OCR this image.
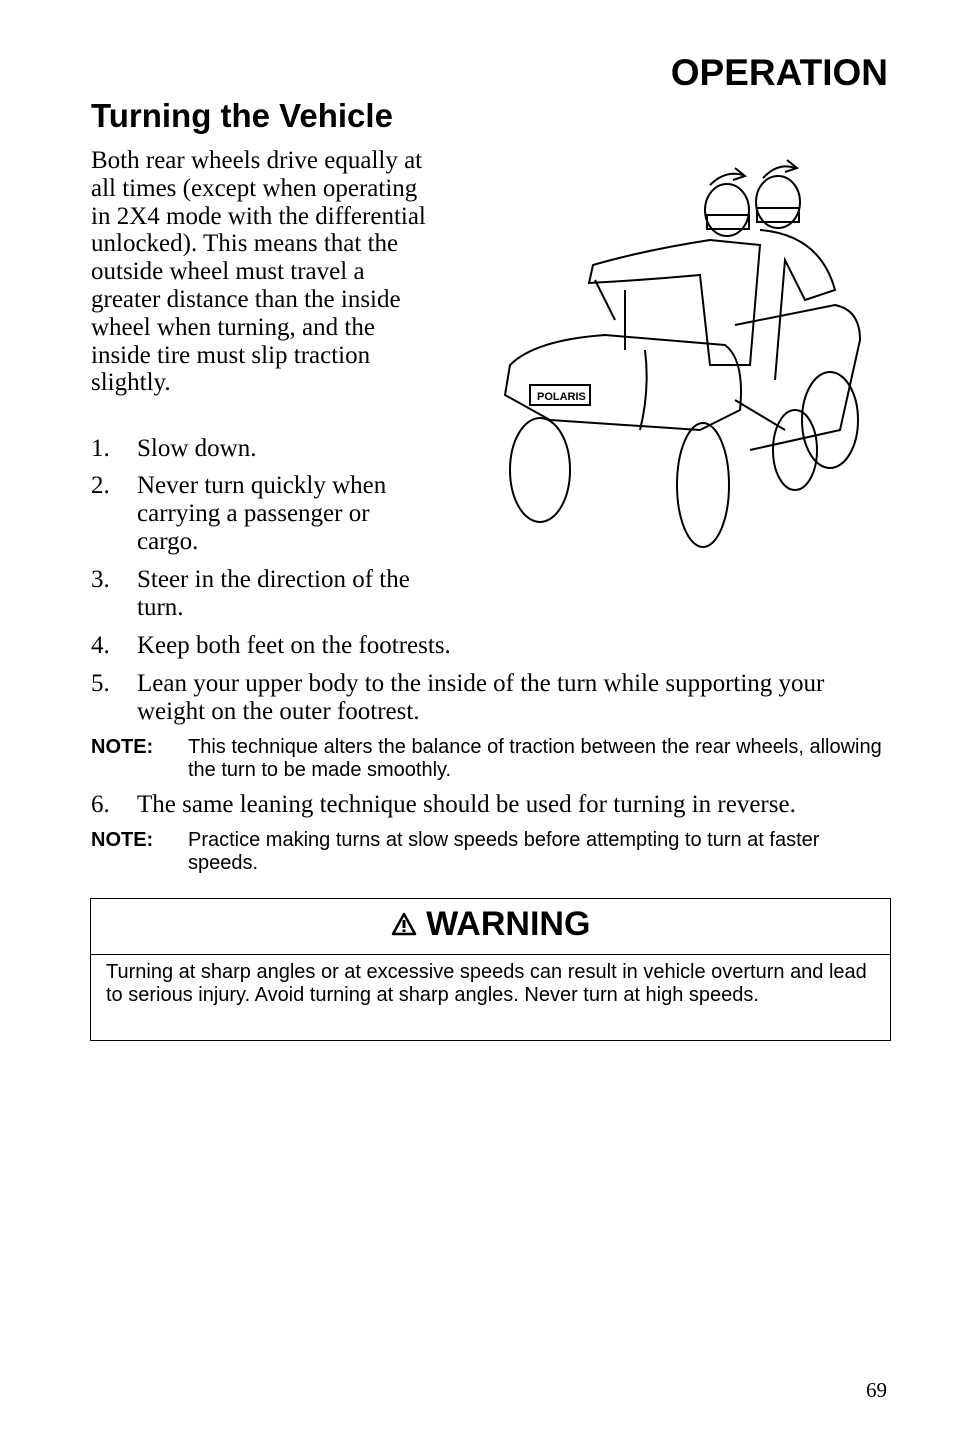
OPERATION
Turning the Vehicle
Both rear wheels drive equally at all times (except when operating in 2X4 mode with the differential unlocked). This means that the outside wheel must travel a greater distance than the inside wheel when turning, and the inside tire must slip traction slightly.
1. Slow down.
2. Never turn quickly when carrying a passenger or cargo.
3. Steer in the direction of the turn.
4. Keep both feet on the footrests.
5. Lean your upper body to the inside of the turn while supporting your weight on the outer footrest.
NOTE: This technique alters the balance of traction between the rear wheels, allowing the turn to be made smoothly.
6. The same leaning technique should be used for turning in reverse.
NOTE: Practice making turns at slow speeds before attempting to turn at faster speeds.
POLARIS
WARNING
Turning at sharp angles or at excessive speeds can result in vehicle overturn and lead to serious injury. Avoid turning at sharp angles. Never turn at high speeds.
69
